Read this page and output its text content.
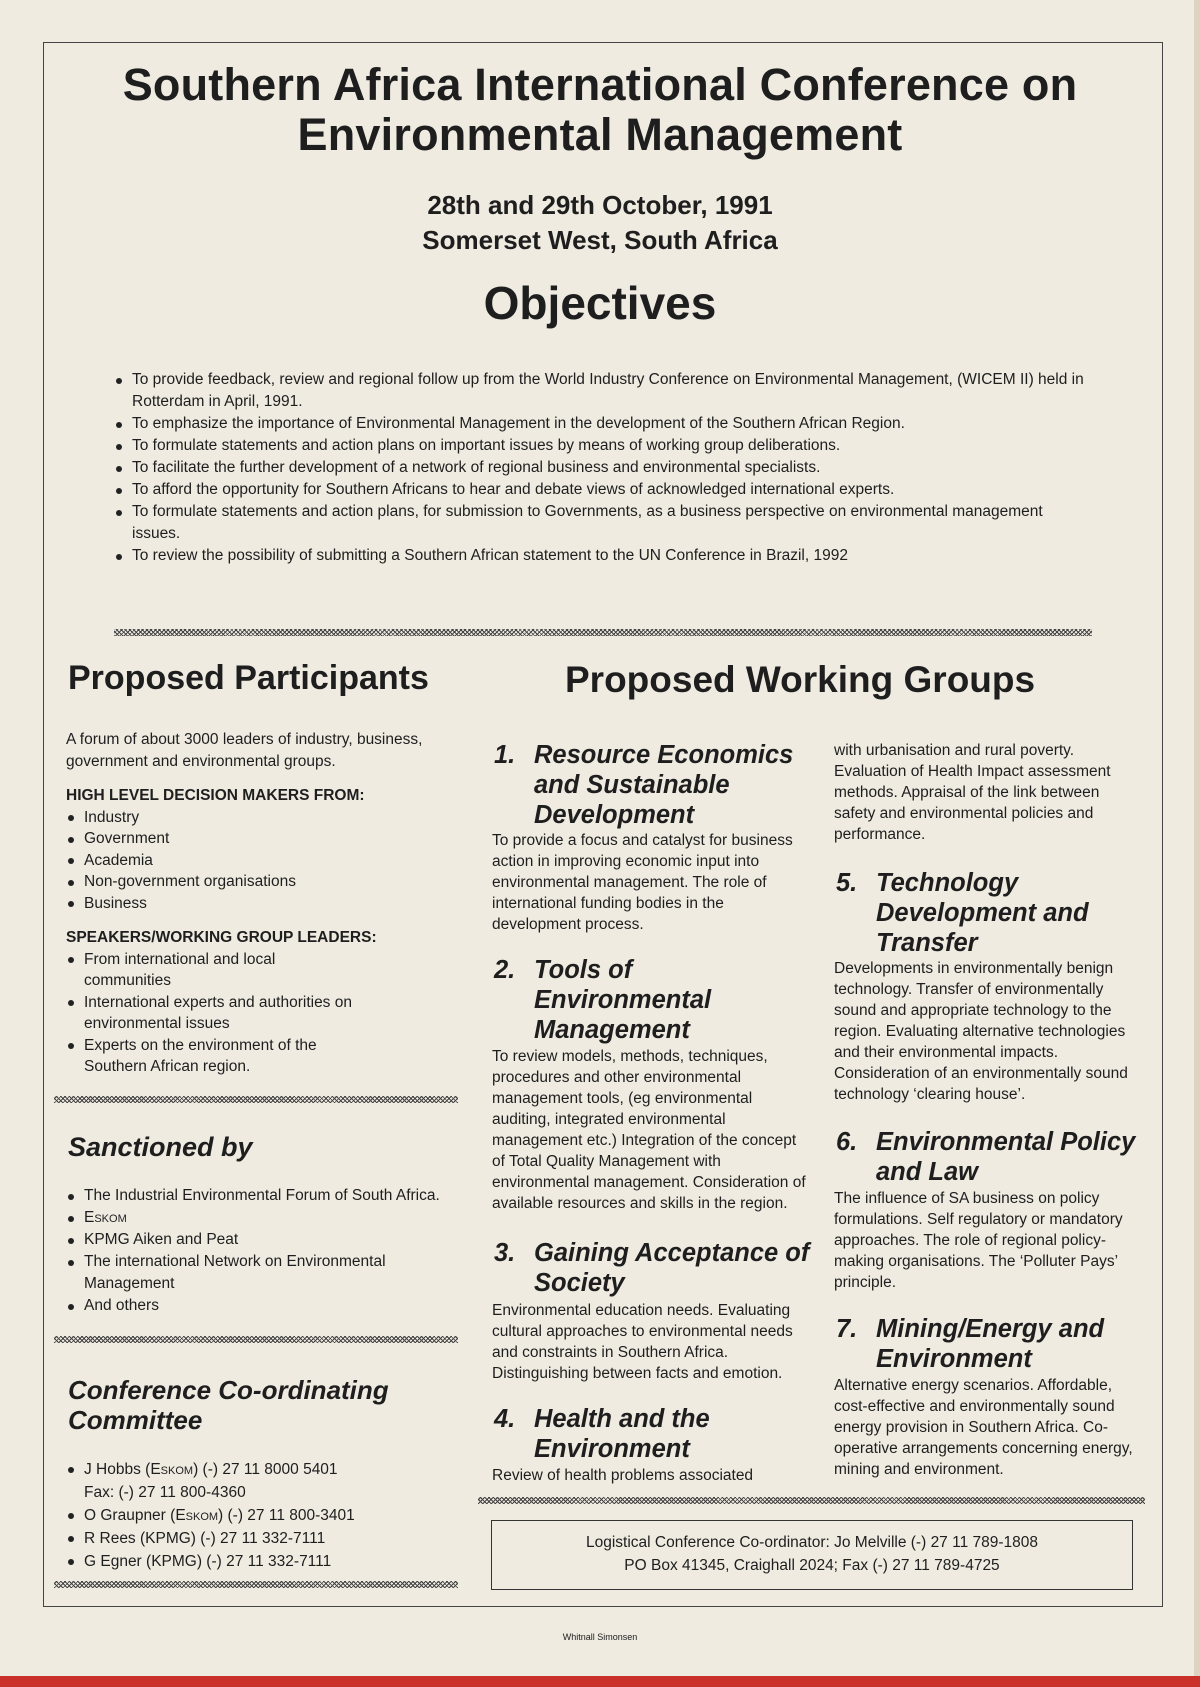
Southern Africa International Conference on
Environmental Management
28th and 29th October, 1991
Somerset West, South Africa
Objectives
To provide feedback, review and regional follow up from the World Industry Conference on Environmental Management, (WICEM II) held in Rotterdam in April, 1991.
To emphasize the importance of Environmental Management in the development of the Southern African Region.
To formulate statements and action plans on important issues by means of working group deliberations.
To facilitate the further development of a network of regional business and environmental specialists.
To afford the opportunity for Southern Africans to hear and debate views of acknowledged international experts.
To formulate statements and action plans, for submission to Governments, as a business perspective on environmental management issues.
To review the possibility of submitting a Southern African statement to the UN Conference in Brazil, 1992
Proposed Participants
A forum of about 3000 leaders of industry, business, government and environmental groups.

HIGH LEVEL DECISION MAKERS FROM:

Industry
Government
Academia
Non-government organisations
Business

SPEAKERS/WORKING GROUP LEADERS:

From international and local communities
International experts and authorities on environmental issues
Experts on the environment of the Southern African region.
Sanctioned by
The Industrial Environmental Forum of South Africa.
Eskom
KPMG Aiken and Peat
The international Network on Environmental Management
And others
Conference Co-ordinating
Committee
J Hobbs (Eskom) (-) 27 11 8000 5401
Fax: (-) 27 11 800-4360
O Graupner (Eskom) (-) 27 11 800-3401
R Rees (KPMG) (-) 27 11 332-7111
G Egner (KPMG) (-) 27 11 332-7111
Proposed Working Groups
1. Resource Economics and Sustainable Development
To provide a focus and catalyst for business action in improving economic input into environmental management. The role of international funding bodies in the development process.
2. Tools of Environmental Management
To review models, methods, techniques, procedures and other environmental management tools, (eg environmental auditing, integrated environmental management etc.) Integration of the concept of Total Quality Management with environmental management. Consideration of available resources and skills in the region.
3. Gaining Acceptance of Society
Environmental education needs. Evaluating cultural approaches to environmental needs and constraints in Southern Africa. Distinguishing between facts and emotion.
4. Health and the Environment
Review of health problems associated
with urbanisation and rural poverty. Evaluation of Health Impact assessment methods. Appraisal of the link between safety and environmental policies and performance.
5. Technology Development and Transfer
Developments in environmentally benign technology. Transfer of environmentally sound and appropriate technology to the region. Evaluating alternative technologies and their environmental impacts. Consideration of an environmentally sound technology ‘clearing house’.
6. Environmental Policy and Law
The influence of SA business on policy formulations. Self regulatory or mandatory approaches. The role of regional policy-making organisations. The ‘Polluter Pays’ principle.
7. Mining/Energy and Environment
Alternative energy scenarios. Affordable, cost-effective and environmentally sound energy provision in Southern Africa. Co-operative arrangements concerning energy, mining and environment.
Logistical Conference Co-ordinator: Jo Melville (-) 27 11 789-1808
PO Box 41345, Craighall 2024; Fax (-) 27 11 789-4725
Whitnall Simonsen
